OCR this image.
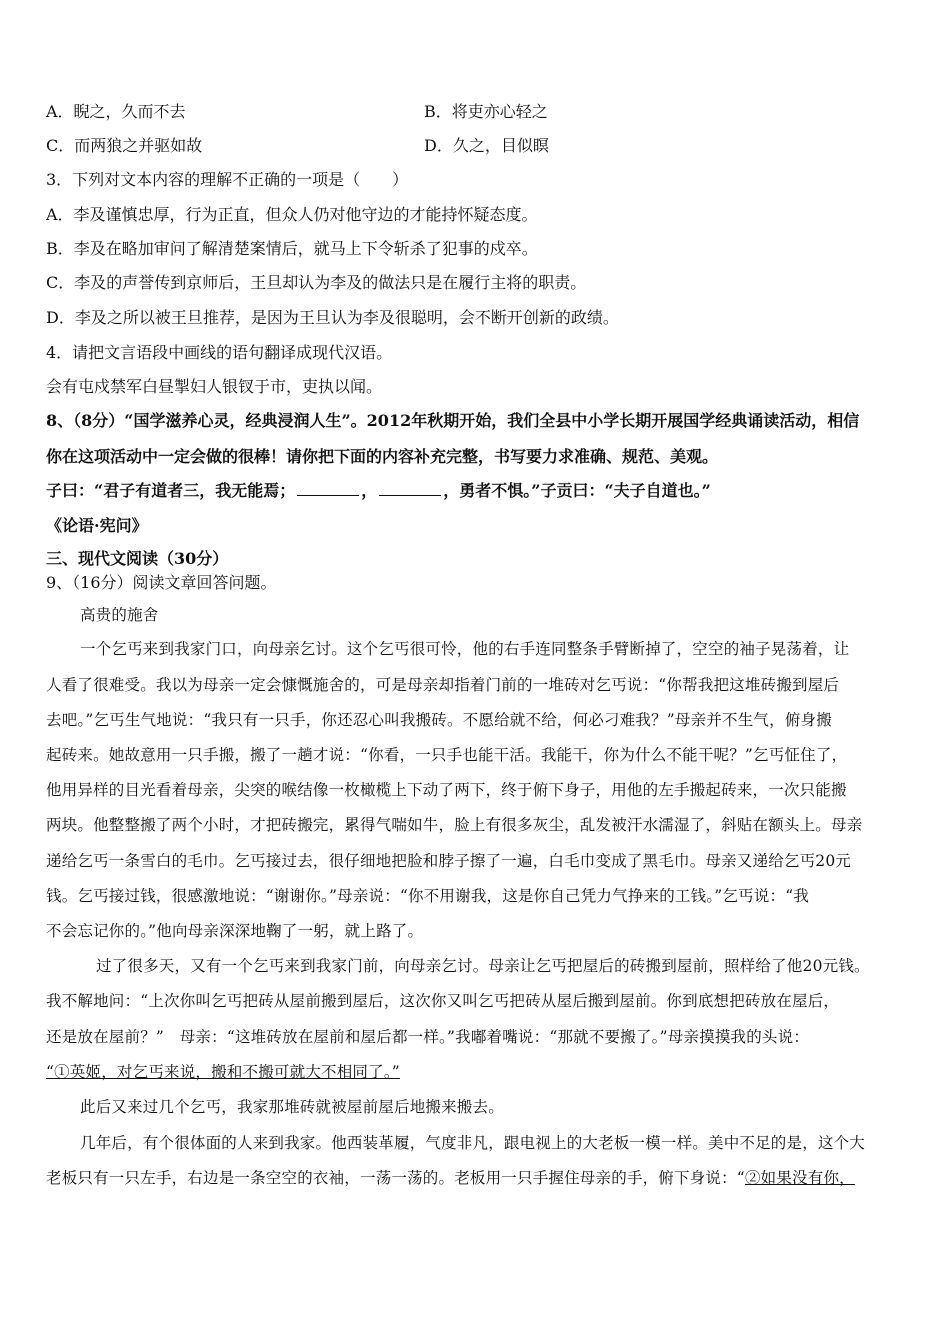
A．睨之，久而不去	B．将吏亦心轻之
C．而两狼之并驱如故	D．久之，目似瞑
3．下列对文本内容的理解不正确的一项是（　　）
A．李及谨慎忠厚，行为正直，但众人仍对他守边的才能持怀疑态度。
B．李及在略加审问了解清楚案情后，就马上下令斩杀了犯事的戍卒。
C．李及的声誉传到京师后，王旦却认为李及的做法只是在履行主将的职责。
D．李及之所以被王旦推荐，是因为王旦认为李及很聪明，会不断开创新的政绩。
4．请把文言语段中画线的语句翻译成现代汉语。
会有屯戍禁军白昼掣妇人银钗于市，吏执以闻。
8、（8分）“国学滋养心灵，经典浸润人生”。2012年秋期开始，我们全县中小学长期开展国学经典诵读活动，相信
你在这项活动中一定会做的很棒！请你把下面的内容补充完整，书写要力求准确、规范、美观。
子曰：“君子有道者三，我无能焉；	，	，勇者不惧。”子贡曰：“夫子自道也。”
《论语·宪问》
三、现代文阅读（30分）
9、（16分）阅读文章回答问题。
高贵的施舍
一个乞丐来到我家门口，向母亲乞讨。这个乞丐很可怜，他的右手连同整条手臂断掉了，空空的袖子晃荡着，让
人看了很难受。我以为母亲一定会慷慨施舍的，可是母亲却指着门前的一堆砖对乞丐说：“你帮我把这堆砖搬到屋后
去吧。”乞丐生气地说：“我只有一只手，你还忍心叫我搬砖。不愿给就不给，何必刁难我？”母亲并不生气，俯身搬
起砖来。她故意用一只手搬，搬了一趟才说：“你看，一只手也能干活。我能干，你为什么不能干呢？”乞丐怔住了，
他用异样的目光看着母亲，尖突的喉结像一枚橄榄上下动了两下，终于俯下身子，用他的左手搬起砖来，一次只能搬
两块。他整整搬了两个小时，才把砖搬完，累得气喘如牛，脸上有很多灰尘，乱发被汗水濡湿了，斜贴在额头上。母亲
递给乞丐一条雪白的毛巾。乞丐接过去，很仔细地把脸和脖子擦了一遍，白毛巾变成了黑毛巾。母亲又递给乞丐20元
钱。乞丐接过钱，很感激地说：“谢谢你。”母亲说：“你不用谢我，这是你自己凭力气挣来的工钱。”乞丐说：“我
不会忘记你的。”他向母亲深深地鞠了一躬，就上路了。
过了很多天，又有一个乞丐来到我家门前，向母亲乞讨。母亲让乞丐把屋后的砖搬到屋前，照样给了他20元钱。
我不解地问：“上次你叫乞丐把砖从屋前搬到屋后，这次你又叫乞丐把砖从屋后搬到屋前。你到底想把砖放在屋后，
还是放在屋前？”　母亲：“这堆砖放在屋前和屋后都一样。”我嘟着嘴说：“那就不要搬了。”母亲摸摸我的头说：
“①英姬，对乞丐来说，搬和不搬可就大不相同了。”
此后又来过几个乞丐，我家那堆砖就被屋前屋后地搬来搬去。
几年后，有个很体面的人来到我家。他西装革履，气度非凡，跟电视上的大老板一模一样。美中不足的是，这个大
老板只有一只左手，右边是一条空空的衣袖，一荡一荡的。老板用一只手握住母亲的手，俯下身说：“②如果没有你，
